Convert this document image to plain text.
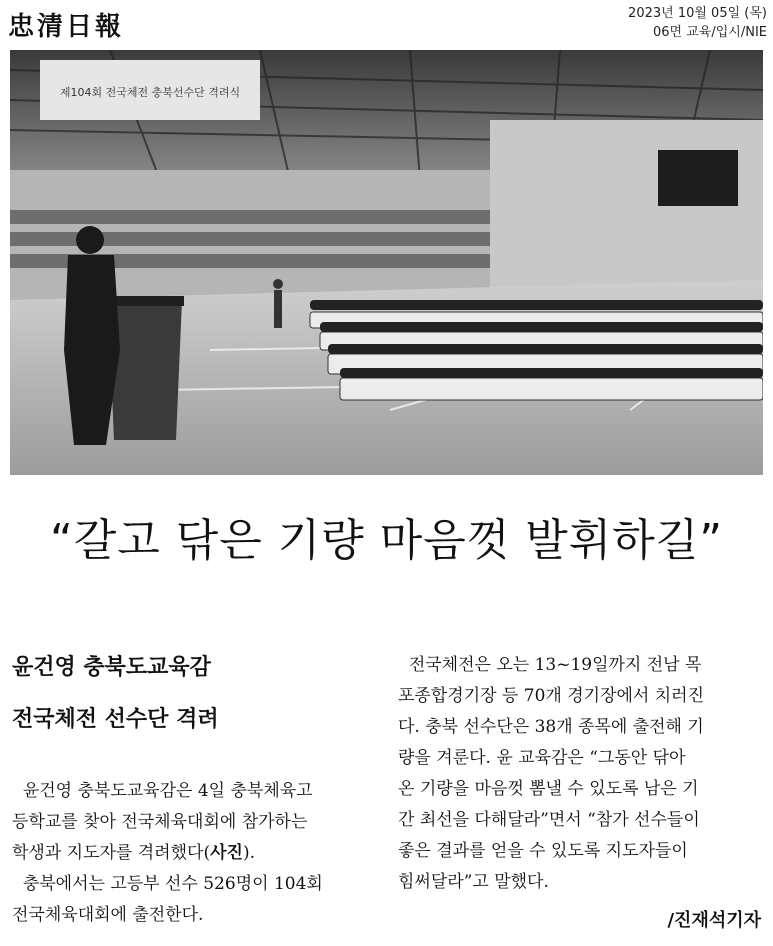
忠清日報	2023년 10월 05일 (목)
06면 교육/입시/NIE
제104회 전국체전 충북선수단 격려식
“갈고 닦은 기량 마음껏 발휘하길”
윤건영 충북도교육감
전국체전 선수단 격려

윤건영 충북도교육감은 4일 충북체육고

등학교를 찾아 전국체육대회에 참가하는

학생과 지도자를 격려했다(사진).

충북에서는 고등부 선수 526명이 104회

전국체육대회에 출전한다.

전국체전은 오는 13~19일까지 전남 목

포종합경기장 등 70개 경기장에서 치러진

다. 충북 선수단은 38개 종목에 출전해 기

량을 겨룬다. 윤 교육감은 “그동안 닦아

온 기량을 마음껏 뽐낼 수 있도록 남은 기

간 최선을 다해달라”면서 “참가 선수들이

좋은 결과를 얻을 수 있도록 지도자들이

힘써달라”고 말했다.

/진재석기자
